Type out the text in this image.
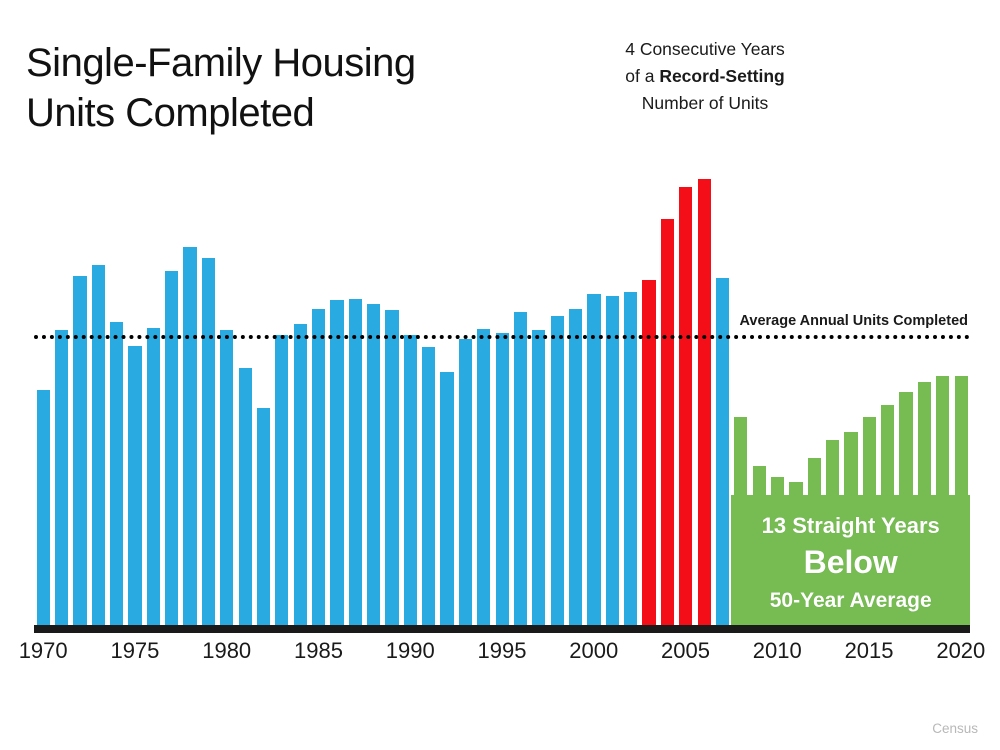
Single-Family Housing
Units Completed
4 Consecutive Years
of a Record-Setting
Number of Units
13 Straight Years
Below
50-Year Average
Average Annual Units Completed
1970 1975 1980 1985 1990 1995 2000 2005 2010 2015 2020
Census
